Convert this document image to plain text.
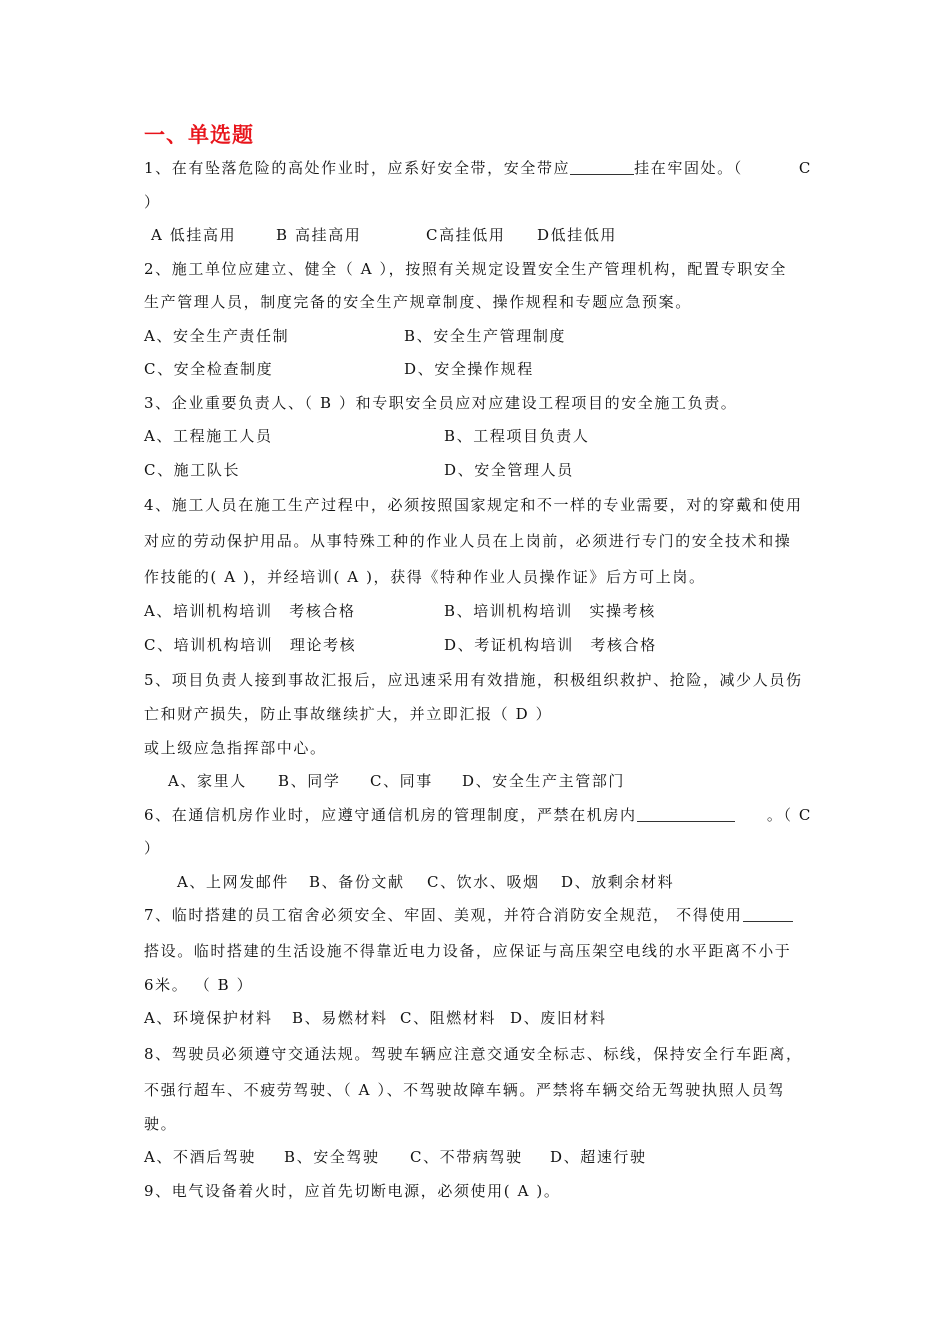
一、单选题
1、在有坠落危险的高处作业时，应系好安全带，安全带应	挂在牢固处。（	C
）
A 低挂高用	B 高挂高用	C高挂低用	D低挂低用
2、施工单位应建立、健全（ A ），按照有关规定设置安全生产管理机构，配置专职安全
生产管理人员，制度完备的安全生产规章制度、操作规程和专题应急预案。
A、安全生产责任制	B、安全生产管理制度
C、安全检查制度	D、安全操作规程
3、企业重要负责人、（ B ）和专职安全员应对应建设工程项目的安全施工负责。
A、工程施工人员	B、工程项目负责人
C、施工队长	D、安全管理人员
4、施工人员在施工生产过程中，必须按照国家规定和不一样的专业需要，对的穿戴和使用
对应的劳动保护用品。从事特殊工种的作业人员在上岗前，必须进行专门的安全技术和操
作技能的( A )，并经培训( A )，获得《特种作业人员操作证》后方可上岗。
A、培训机构培训　考核合格	B、培训机构培训　实操考核
C、培训机构培训　理论考核	D、考证机构培训　考核合格
5、项目负责人接到事故汇报后，应迅速采用有效措施，积极组织救护、抢险，减少人员伤
亡和财产损失，防止事故继续扩大，并立即汇报（ D ）
或上级应急指挥部中心。
A、家里人	B、同学	C、同事	D、安全生产主管部门
6、在通信机房作业时，应遵守通信机房的管理制度，严禁在机房内	。（ C
）
A、上网发邮件	B、备份文献	C、饮水、吸烟	D、放剩余材料
7、临时搭建的员工宿舍必须安全、牢固、美观，并符合消防安全规范， 不得使用
搭设。临时搭建的生活设施不得靠近电力设备，应保证与高压架空电线的水平距离不小于
6米。 （ B ）
A、环境保护材料	B、易燃材料 C、阻燃材料 D、废旧材料
8、驾驶员必须遵守交通法规。驾驶车辆应注意交通安全标志、标线，保持安全行车距离，
不强行超车、不疲劳驾驶、（ A ）、不驾驶故障车辆。严禁将车辆交给无驾驶执照人员驾
驶。
A、不酒后驾驶	B、安全驾驶	C、不带病驾驶	D、超速行驶
9、电气设备着火时，应首先切断电源，必须使用( A )。
